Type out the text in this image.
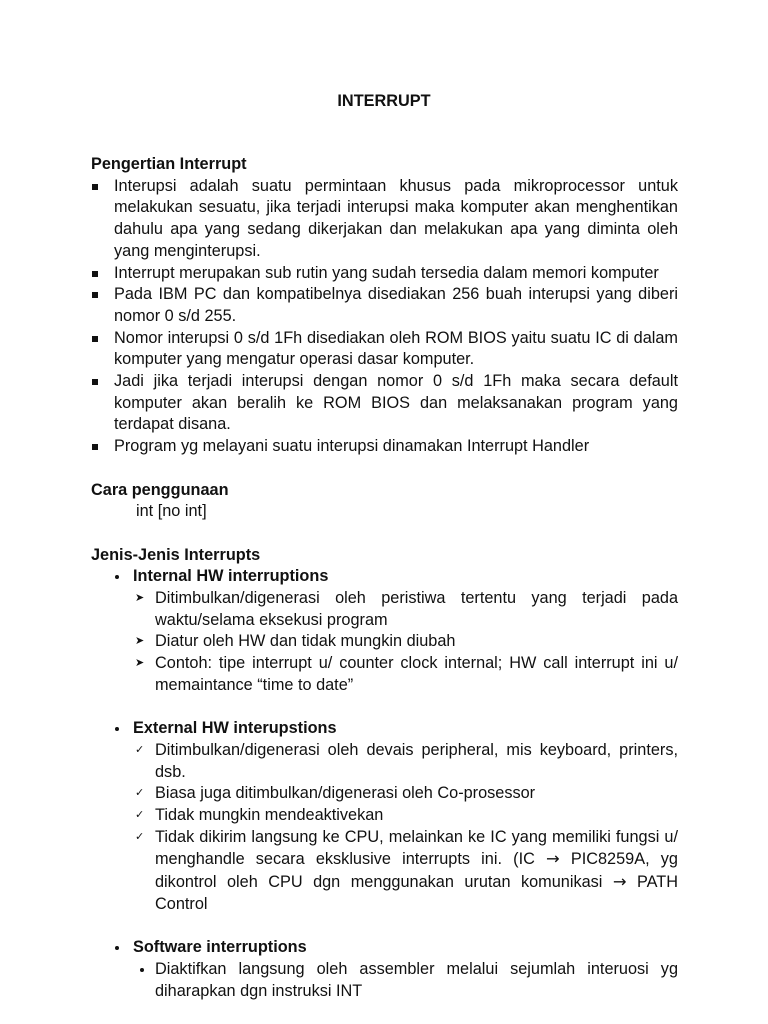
INTERRUPT

Pengertian Interrupt

Interupsi adalah suatu permintaan khusus pada mikroprocessor untuk melakukan sesuatu, jika terjadi interupsi maka komputer akan menghentikan dahulu apa yang sedang dikerjakan dan melakukan apa yang diminta oleh yang menginterupsi.
Interrupt merupakan sub rutin yang sudah tersedia dalam memori komputer
Pada IBM PC dan kompatibelnya disediakan 256 buah interupsi yang diberi nomor 0 s/d 255.
Nomor interupsi 0 s/d 1Fh disediakan oleh ROM BIOS yaitu suatu IC di dalam komputer yang mengatur operasi dasar komputer.
Jadi jika terjadi interupsi dengan nomor 0 s/d 1Fh maka secara default komputer akan beralih ke ROM BIOS dan melaksanakan program yang terdapat disana.
Program yg melayani suatu interupsi dinamakan Interrupt Handler

Cara penggunaan

int [no int]

Jenis-Jenis Interrupts

Internal HW interruptions
➤ Ditimbulkan/digenerasi oleh peristiwa tertentu yang terjadi pada waktu/selama eksekusi program
➤ Diatur oleh HW dan tidak mungkin diubah
➤ Contoh: tipe interrupt u/ counter clock internal; HW call interrupt ini u/ memaintance “time to date”
External HW interupstions
✓ Ditimbulkan/digenerasi oleh devais peripheral, mis keyboard, printers, dsb.
✓ Biasa juga ditimbulkan/digenerasi oleh Co-prosessor
✓ Tidak mungkin mendeaktivekan
✓ Tidak dikirim langsung ke CPU, melainkan ke IC yang memiliki fungsi u/ menghandle secara eksklusive interrupts ini. (IC → PIC8259A, yg dikontrol oleh CPU dgn menggunakan urutan komunikasi → PATH Control
Software interruptions
Diaktifkan langsung oleh assembler melalui sejumlah interuosi yg diharapkan dgn instruksi INT
